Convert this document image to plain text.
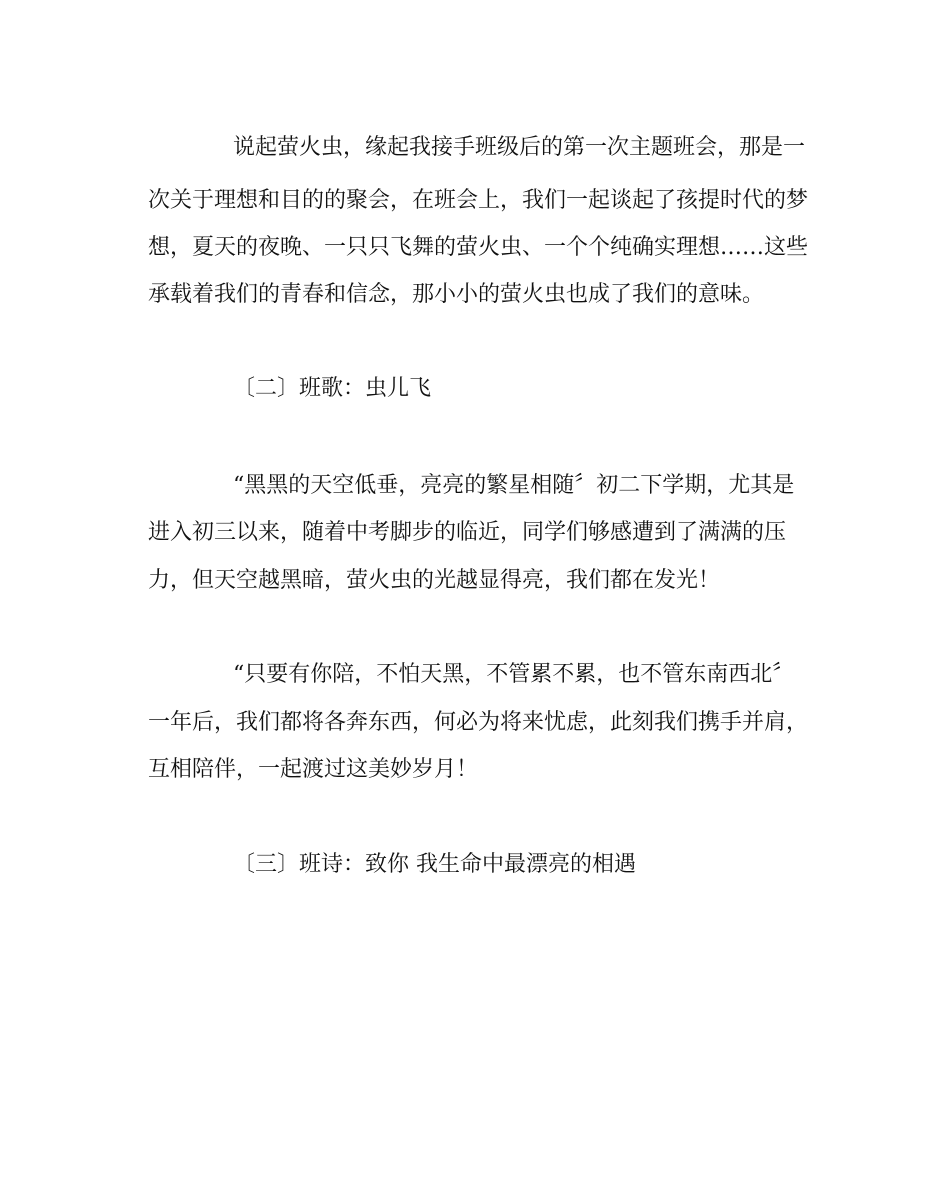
说起萤火虫，缘起我接手班级后的第一次主题班会，那是一
次关于理想和目的的聚会，在班会上，我们一起谈起了孩提时代的梦
想，夏天的夜晚、一只只飞舞的萤火虫、一个个纯确实理想……这些
承载着我们的青春和信念，那小小的萤火虫也成了我们的意味。
〔二〕班歌：虫儿飞
“黑黑的天空低垂，亮亮的繁星相随〞初二下学期，尤其是
进入初三以来，随着中考脚步的临近，同学们够感遭到了满满的压
力，但天空越黑暗，萤火虫的光越显得亮，我们都在发光！
“只要有你陪，不怕天黑，不管累不累，也不管东南西北〞
一年后，我们都将各奔东西，何必为将来忧虑，此刻我们携手并肩，
互相陪伴，一起渡过这美妙岁月！
〔三〕班诗：致你 我生命中最漂亮的相遇
